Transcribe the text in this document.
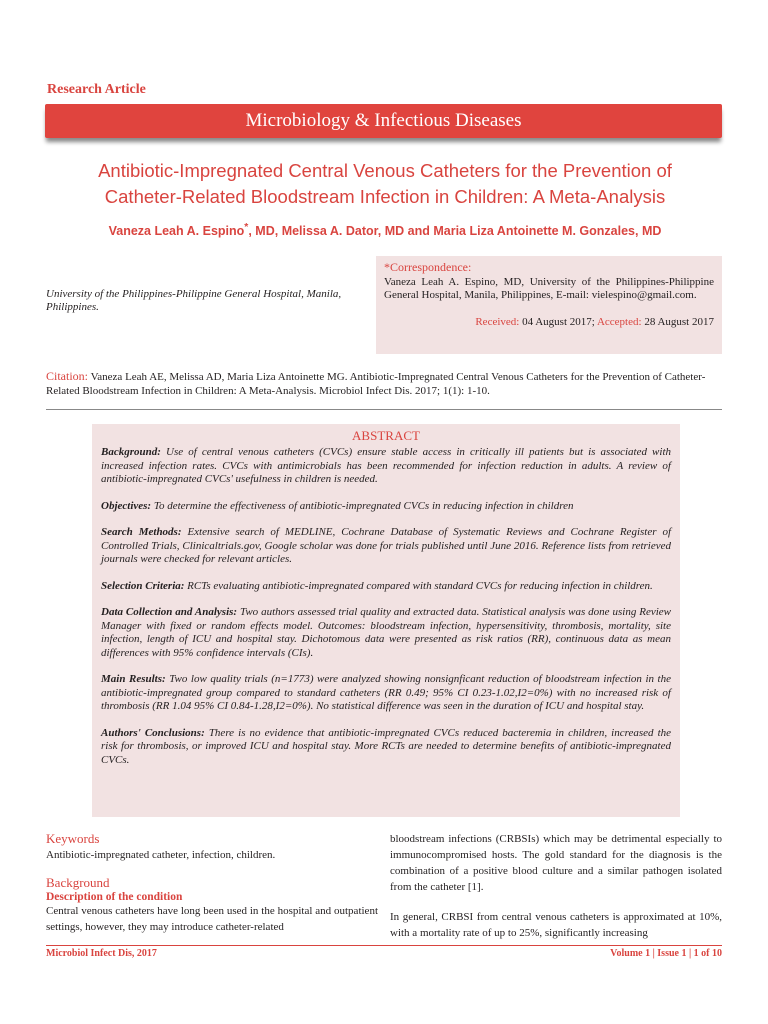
Research Article
Microbiology & Infectious Diseases
Antibiotic-Impregnated Central Venous Catheters for the Prevention of
Catheter-Related Bloodstream Infection in Children: A Meta-Analysis
Vaneza Leah A. Espino*, MD, Melissa A. Dator, MD and Maria Liza Antoinette M. Gonzales, MD
University of the Philippines-Philippine General Hospital, Manila, Philippines.
*Correspondence:
Vaneza Leah A. Espino, MD, University of the Philippines-Philippine General Hospital, Manila, Philippines, E-mail: vielespino@gmail.com.
Received: 04 August 2017; Accepted: 28 August 2017
Citation: Vaneza Leah AE, Melissa AD, Maria Liza Antoinette MG. Antibiotic-Impregnated Central Venous Catheters for the Prevention of Catheter-Related Bloodstream Infection in Children: A Meta-Analysis. Microbiol Infect Dis. 2017; 1(1): 1-10.
ABSTRACT

Background: Use of central venous catheters (CVCs) ensure stable access in critically ill patients but is associated with increased infection rates. CVCs with antimicrobials has been recommended for infection reduction in adults. A review of antibiotic-impregnated CVCs' usefulness in children is needed.

Objectives: To determine the effectiveness of antibiotic-impregnated CVCs in reducing infection in children

Search Methods: Extensive search of MEDLINE, Cochrane Database of Systematic Reviews and Cochrane Register of Controlled Trials, Clinicaltrials.gov, Google scholar was done for trials published until June 2016. Reference lists from retrieved journals were checked for relevant articles.

Selection Criteria: RCTs evaluating antibiotic-impregnated compared with standard CVCs for reducing infection in children.

Data Collection and Analysis: Two authors assessed trial quality and extracted data. Statistical analysis was done using Review Manager with fixed or random effects model. Outcomes: bloodstream infection, hypersensitivity, thrombosis, mortality, site infection, length of ICU and hospital stay. Dichotomous data were presented as risk ratios (RR), continuous data as mean differences with 95% confidence intervals (CIs).

Main Results: Two low quality trials (n=1773) were analyzed showing nonsignficant reduction of bloodstream infection in the antibiotic-impregnated group compared to standard catheters (RR 0.49; 95% CI 0.23-1.02,I2=0%) with no increased risk of thrombosis (RR 1.04 95% CI 0.84-1.28,I2=0%). No statistical difference was seen in the duration of ICU and hospital stay.

Authors' Conclusions: There is no evidence that antibiotic-impregnated CVCs reduced bacteremia in children, increased the risk for thrombosis, or improved ICU and hospital stay. More RCTs are needed to determine benefits of antibiotic-impregnated CVCs.

Keywords
Antibiotic-impregnated catheter, infection, children.
Background
Description of the condition
Central venous catheters have long been used in the hospital and outpatient settings, however, they may introduce catheter-related
bloodstream infections (CRBSIs) which may be detrimental especially to immunocompromised hosts. The gold standard for the diagnosis is the combination of a positive blood culture and a similar pathogen isolated from the catheter [1].
In general, CRBSI from central venous catheters is approximated at 10%, with a mortality rate of up to 25%, significantly increasing
Microbiol Infect Dis, 2017	Volume 1 | Issue 1 | 1 of 10
